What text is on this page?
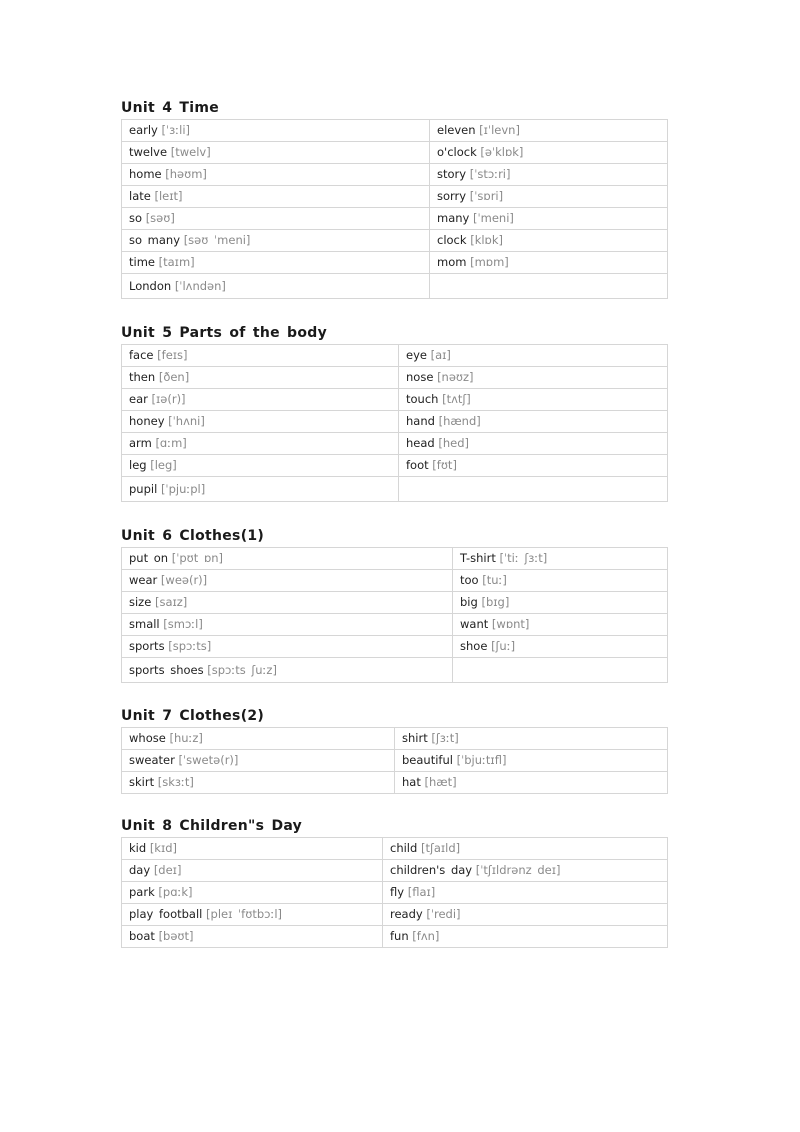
Unit 4 Time
early [ˈɜːli]	eleven [ɪˈlevn]
twelve [twelv]	o'clock [əˈklɒk]
home [həʊm]	story [ˈstɔːri]
late [leɪt]	sorry [ˈsɒri]
so [səʊ]	many [ˈmeni]
so many [səʊ ˈmeni]	clock [klɒk]
time [taɪm]	mom [mɒm]
London [ˈlʌndən]	
Unit 5 Parts of the body
face [feɪs]	eye [aɪ]
then [ðen]	nose [nəʊz]
ear [ɪə(r)]	touch [tʌtʃ]
honey [ˈhʌni]	hand [hænd]
arm [ɑːm]	head [hed]
leg [leg]	foot [fʊt]
pupil [ˈpjuːpl]	
Unit 6 Clothes(1)
put on [ˈpʊt ɒn]	T-shirt [ˈtiː ʃɜːt]
wear [weə(r)]	too [tuː]
size [saɪz]	big [bɪg]
small [smɔːl]	want [wɒnt]
sports [spɔːts]	shoe [ʃuː]
sports shoes [spɔːts ʃuːz]	
Unit 7 Clothes(2)
whose [huːz]	shirt [ʃɜːt]
sweater [ˈswetə(r)]	beautiful [ˈbjuːtɪfl]
skirt [skɜːt]	hat [hæt]
Unit 8 Children"s Day
kid [kɪd]	child [tʃaɪld]
day [deɪ]	children's day [ˈtʃɪldrənz deɪ]
park [pɑːk]	fly [flaɪ]
play football [pleɪ ˈfʊtbɔːl]	ready [ˈredi]
boat [bəʊt]	fun [fʌn]
